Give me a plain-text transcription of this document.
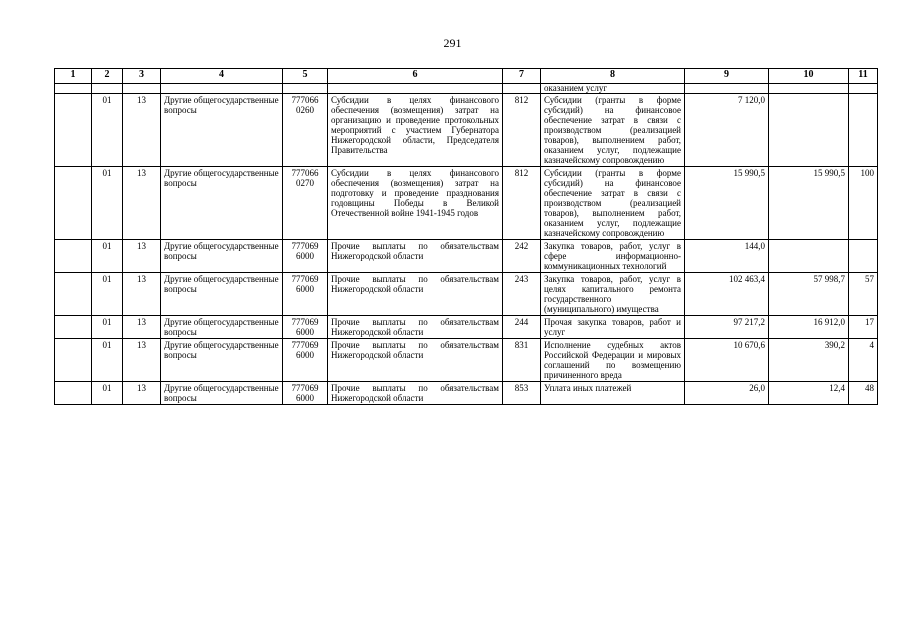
291
1	2	3	4	5	6	7	8	9	10	11
							оказанием услуг			
	01	13	Другие общегосударственные вопросы	777066 0260	Субсидии в целях финансового обеспечения (возмещения) затрат на организацию и проведение протокольных мероприятий с участием Губернатора Нижегородской области, Председателя Правительства	812	Субсидии (гранты в форме субсидий) на финансовое обеспечение затрат в связи с производством (реализацией товаров), выполнением работ, оказанием услуг, подлежащие казначейскому сопровождению	7 120,0		
	01	13	Другие общегосударственные вопросы	777066 0270	Субсидии в целях финансового обеспечения (возмещения) затрат на подготовку и проведение празднования годовщины Победы в Великой Отечественной войне 1941-1945 годов	812	Субсидии (гранты в форме субсидий) на финансовое обеспечение затрат в связи с производством (реализацией товаров), выполнением работ, оказанием услуг, подлежащие казначейскому сопровождению	15 990,5	15 990,5	100
	01	13	Другие общегосударственные вопросы	777069 6000	Прочие выплаты по обязательствам Нижегородской области	242	Закупка товаров, работ, услуг в сфере информационно-коммуникационных технологий	144,0		
	01	13	Другие общегосударственные вопросы	777069 6000	Прочие выплаты по обязательствам Нижегородской области	243	Закупка товаров, работ, услуг в целях капитального ремонта государственного (муниципального) имущества	102 463,4	57 998,7	57
	01	13	Другие общегосударственные вопросы	777069 6000	Прочие выплаты по обязательствам Нижегородской области	244	Прочая закупка товаров, работ и услуг	97 217,2	16 912,0	17
	01	13	Другие общегосударственные вопросы	777069 6000	Прочие выплаты по обязательствам Нижегородской области	831	Исполнение судебных актов Российской Федерации и мировых соглашений по возмещению причиненного вреда	10 670,6	390,2	4
	01	13	Другие общегосударственные вопросы	777069 6000	Прочие выплаты по обязательствам Нижегородской области	853	Уплата иных платежей	26,0	12,4	48
